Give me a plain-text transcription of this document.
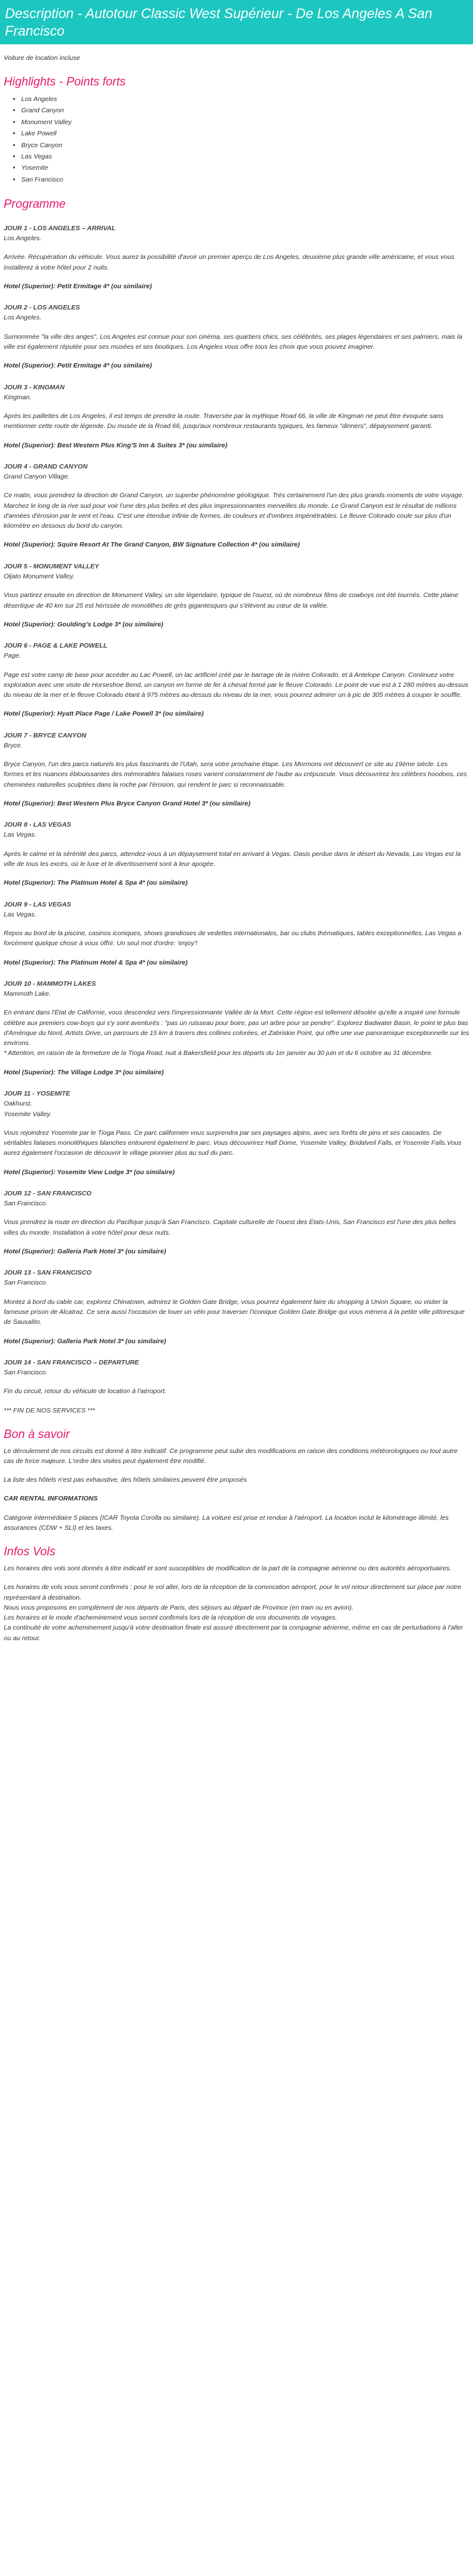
Description - Autotour Classic West Supérieur - De Los Angeles A San Francisco

Voiture de location incluse

Highlights - Points forts
• Los Angeles
• Grand Canyon
• Monument Valley
• Lake Powell
• Bryce Canyon
• Las Vegas
• Yosemite
• San Francisco
Programme
JOUR 1 - LOS ANGELES – ARRIVAL
Los Angeles.
Arrivée. Récupération du véhicule. Vous aurez la possibilité d'avoir un premier aperçu de Los Angeles, deuxième plus grande ville américaine, et vous vous installerez à votre hôtel pour 2 nuits.
Hotel (Superior): Petit Ermitage 4* (ou similaire)
JOUR 2 - LOS ANGELES
Los Angeles.
Surnommée "la ville des anges", Los Angeles est connue pour son cinéma, ses quartiers chics, ses célébrités, ses plages légendaires et ses palmiers, mais la ville est également réputée pour ses musées et ses boutiques. Los Angeles vous offre tous les choix que vous pouvez imaginer.
Hotel (Superior): Petit Ermitage 4* (ou similaire)
JOUR 3 - KINGMAN
Kingman.
Après les paillettes de Los Angeles, il est temps de prendre la route. Traversée par la mythique Road 66, la ville de Kingman ne peut être évoquée sans mentionner cette route de légende. Du musée de la Road 66, jusqu'aux nombreux restaurants typiques, les fameux "dinners", dépaysement garanti.
Hotel (Superior): Best Western Plus King'S Inn & Suites 3* (ou similaire)
JOUR 4 - GRAND CANYON
Grand Canyon Village.
Ce matin, vous prendrez la direction de Grand Canyon, un superbe phénomène géologique. Très certainement l'un des plus grands moments de votre voyage. Marchez le long de la rive sud pour voir l'une des plus belles et des plus impressionnantes merveilles du monde. Le Grand Canyon est le résultat de millions d'années d'érosion par le vent et l'eau. C'est une étendue infinie de formes, de couleurs et d'ombres impénétrables. Le fleuve Colorado coule sur plus d'un kilomètre en dessous du bord du canyon.
Hotel (Superior): Squire Resort At The Grand Canyon, BW Signature Collection 4* (ou similaire)
JOUR 5 - MONUMENT VALLEY
Oljato Monument Valley.
Vous partirez ensuite en direction de Monument Valley, un site légendaire, typique de l'ouest, où de nombreux films de cowboys ont été tournés. Cette plaine désertique de 40 km sur 25 est hérissée de monolithes de grès gigantesques qui s'élèvent au cœur de la vallée.
Hotel (Superior): Goulding's Lodge 3* (ou similaire)
JOUR 6 - PAGE & LAKE POWELL
Page.
Page est votre camp de base pour accéder au Lac Powell, un lac artificiel créé par le barrage de la rivière Colorado, et à Antelope Canyon. Continuez votre exploration avec une visite de Horseshoe Bend, un canyon en forme de fer à cheval formé par le fleuve Colorado. Le point de vue est à 1 280 mètres au-dessus du niveau de la mer et le fleuve Colorado étant à 975 mètres au-dessus du niveau de la mer, vous pourrez admirer un à pic de 305 mètres à couper le souffle.
Hotel (Superior): Hyatt Place Page / Lake Powell 3* (ou similaire)
JOUR 7 - BRYCE CANYON
Bryce.
Bryce Canyon, l'un des parcs naturels les plus fascinants de l'Utah, sera votre prochaine étape. Les Mormons ont découvert ce site au 19ème siècle. Les formes et les nuances éblouissantes des mémorables falaises roses varient constamment de l'aube au crépuscule. Vous découvrirez les célèbres hoodoos, ces cheminées naturelles sculptées dans la roche par l'érosion, qui rendent le parc si reconnaissable.
Hotel (Superior): Best Western Plus Bryce Canyon Grand Hotel 3* (ou similaire)
JOUR 8 - LAS VEGAS
Las Vegas.
Après le calme et la sérénité des parcs, attendez-vous à un dépaysement total en arrivant à Vegas. Oasis perdue dans le désert du Nevada, Las Vegas est la ville de tous les excès, où le luxe et le divertissement sont à leur apogée.
Hotel (Superior): The Platinum Hotel & Spa 4* (ou similaire)
JOUR 9 - LAS VEGAS
Las Vegas.
Repos au bord de la piscine, casinos iconiques, shows grandioses de vedettes internationales, bar ou clubs thématiques, tables exceptionnelles, Las Vegas a forcément quelque chose à vous offrir. Un seul mot d'ordre: 'enjoy'!
Hotel (Superior): The Platinum Hotel & Spa 4* (ou similaire)
JOUR 10 - MAMMOTH LAKES
Mammoth Lake.
En entrant dans l'État de Californie, vous descendez vers l'impressionnante Vallée de la Mort. Cette région est tellement désolée qu'elle a inspiré une formule célèbre aux premiers cow-boys qui s'y sont aventurés : "pas un ruisseau pour boire, pas un arbre pour se pendre". Explorez Badwater Basin, le point le plus bas d'Amérique du Nord, Artists Drive, un parcours de 15 km à travers des collines colorées, et Zabriskie Point, qui offre une vue panoramique exceptionnelle sur les environs.
* Attention, en raison de la fermeture de la Tioga Road, nuit à Bakersfield pour les départs du 1er janvier au 30 juin et du 6 octobre au 31 décembre.
Hotel (Superior): The Village Lodge 3* (ou similaire)
JOUR 11 - YOSEMITE
Oakhurst.
Yosemite Valley.
Vous rejoindrez Yosemite par le Tioga Pass. Ce parc californien vous surprendra par ses paysages alpins, avec ses forêts de pins et ses cascades. De véritables falaises monolithiques blanches entourent également le parc. Vous découvrirez Half Dome, Yosemite Valley, Bridalveil Falls, et Yosemite Falls.Vous aurez également l'occasion de découvrir le village pionnier plus au sud du parc.
Hotel (Superior): Yosemite View Lodge 3* (ou similaire)
JOUR 12 - SAN FRANCISCO
San Francisco.
Vous prendrez la route en direction du Pacifique jusqu'à San Francisco. Capitale culturelle de l'ouest des États-Unis, San Francisco est l'une des plus belles villes du monde. Installation à votre hôtel pour deux nuits.
Hotel (Superior): Galleria Park Hotel 3* (ou similaire)
JOUR 13 - SAN FRANCISCO
San Francisco.
Montez à bord du cable car, explorez Chinatown, admirez le Golden Gate Bridge, vous pourrez également faire du shopping à Union Square, ou visiter la fameuse prison de Alcatraz. Ce sera aussi l'occasion de louer un vélo pour traverser l'iconique Golden Gate Bridge qui vous mènera à la petite ville pittoresque de Sausalito.
Hotel (Superior): Galleria Park Hotel 3* (ou similaire)
JOUR 14 - SAN FRANCISCO – DEPARTURE
San Francisco.
Fin du circuit, retour du véhicule de location à l'aéroport.

*** FIN DE NOS SERVICES ***

Bon à savoir

Le déroulement de nos circuits est donné à titre indicatif. Ce programme peut subir des modifications en raison des conditions météorologiques ou tout autre cas de force majeure. L'ordre des visites peut également être modifié.

La liste des hôtels n'est pas exhaustive, des hôtels similaires peuvent être proposés

CAR RENTAL INFORMATIONS

Catégorie intermédiaire 5 places (ICAR Toyota Corolla ou similaire). La voiture est prise et rendue à l'aéroport. La location inclut le kilométrage illimité, les assurances (CDW + SLI) et les taxes.

Infos Vols

Les horaires des vols sont donnés à titre indicatif et sont susceptibles de modification de la part de la compagnie aérienne ou des autorités aéroportuaires.

Les horaires de vols vous seront confirmés : pour le vol aller, lors de la réception de la convocation aéroport, pour le vol retour directement sur place par notre représentant à destination.
Nous vous proposons en complément de nos départs de Paris, des séjours au départ de Province (en train ou en avion).
Les horaires et le mode d'acheminement vous seront confirmés lors de la réception de vos documents de voyages.
La continuité de votre acheminement jusqu'à votre destination finale est assuré directement par la compagnie aérienne, même en cas de perturbations à l'aller ou au retour.
